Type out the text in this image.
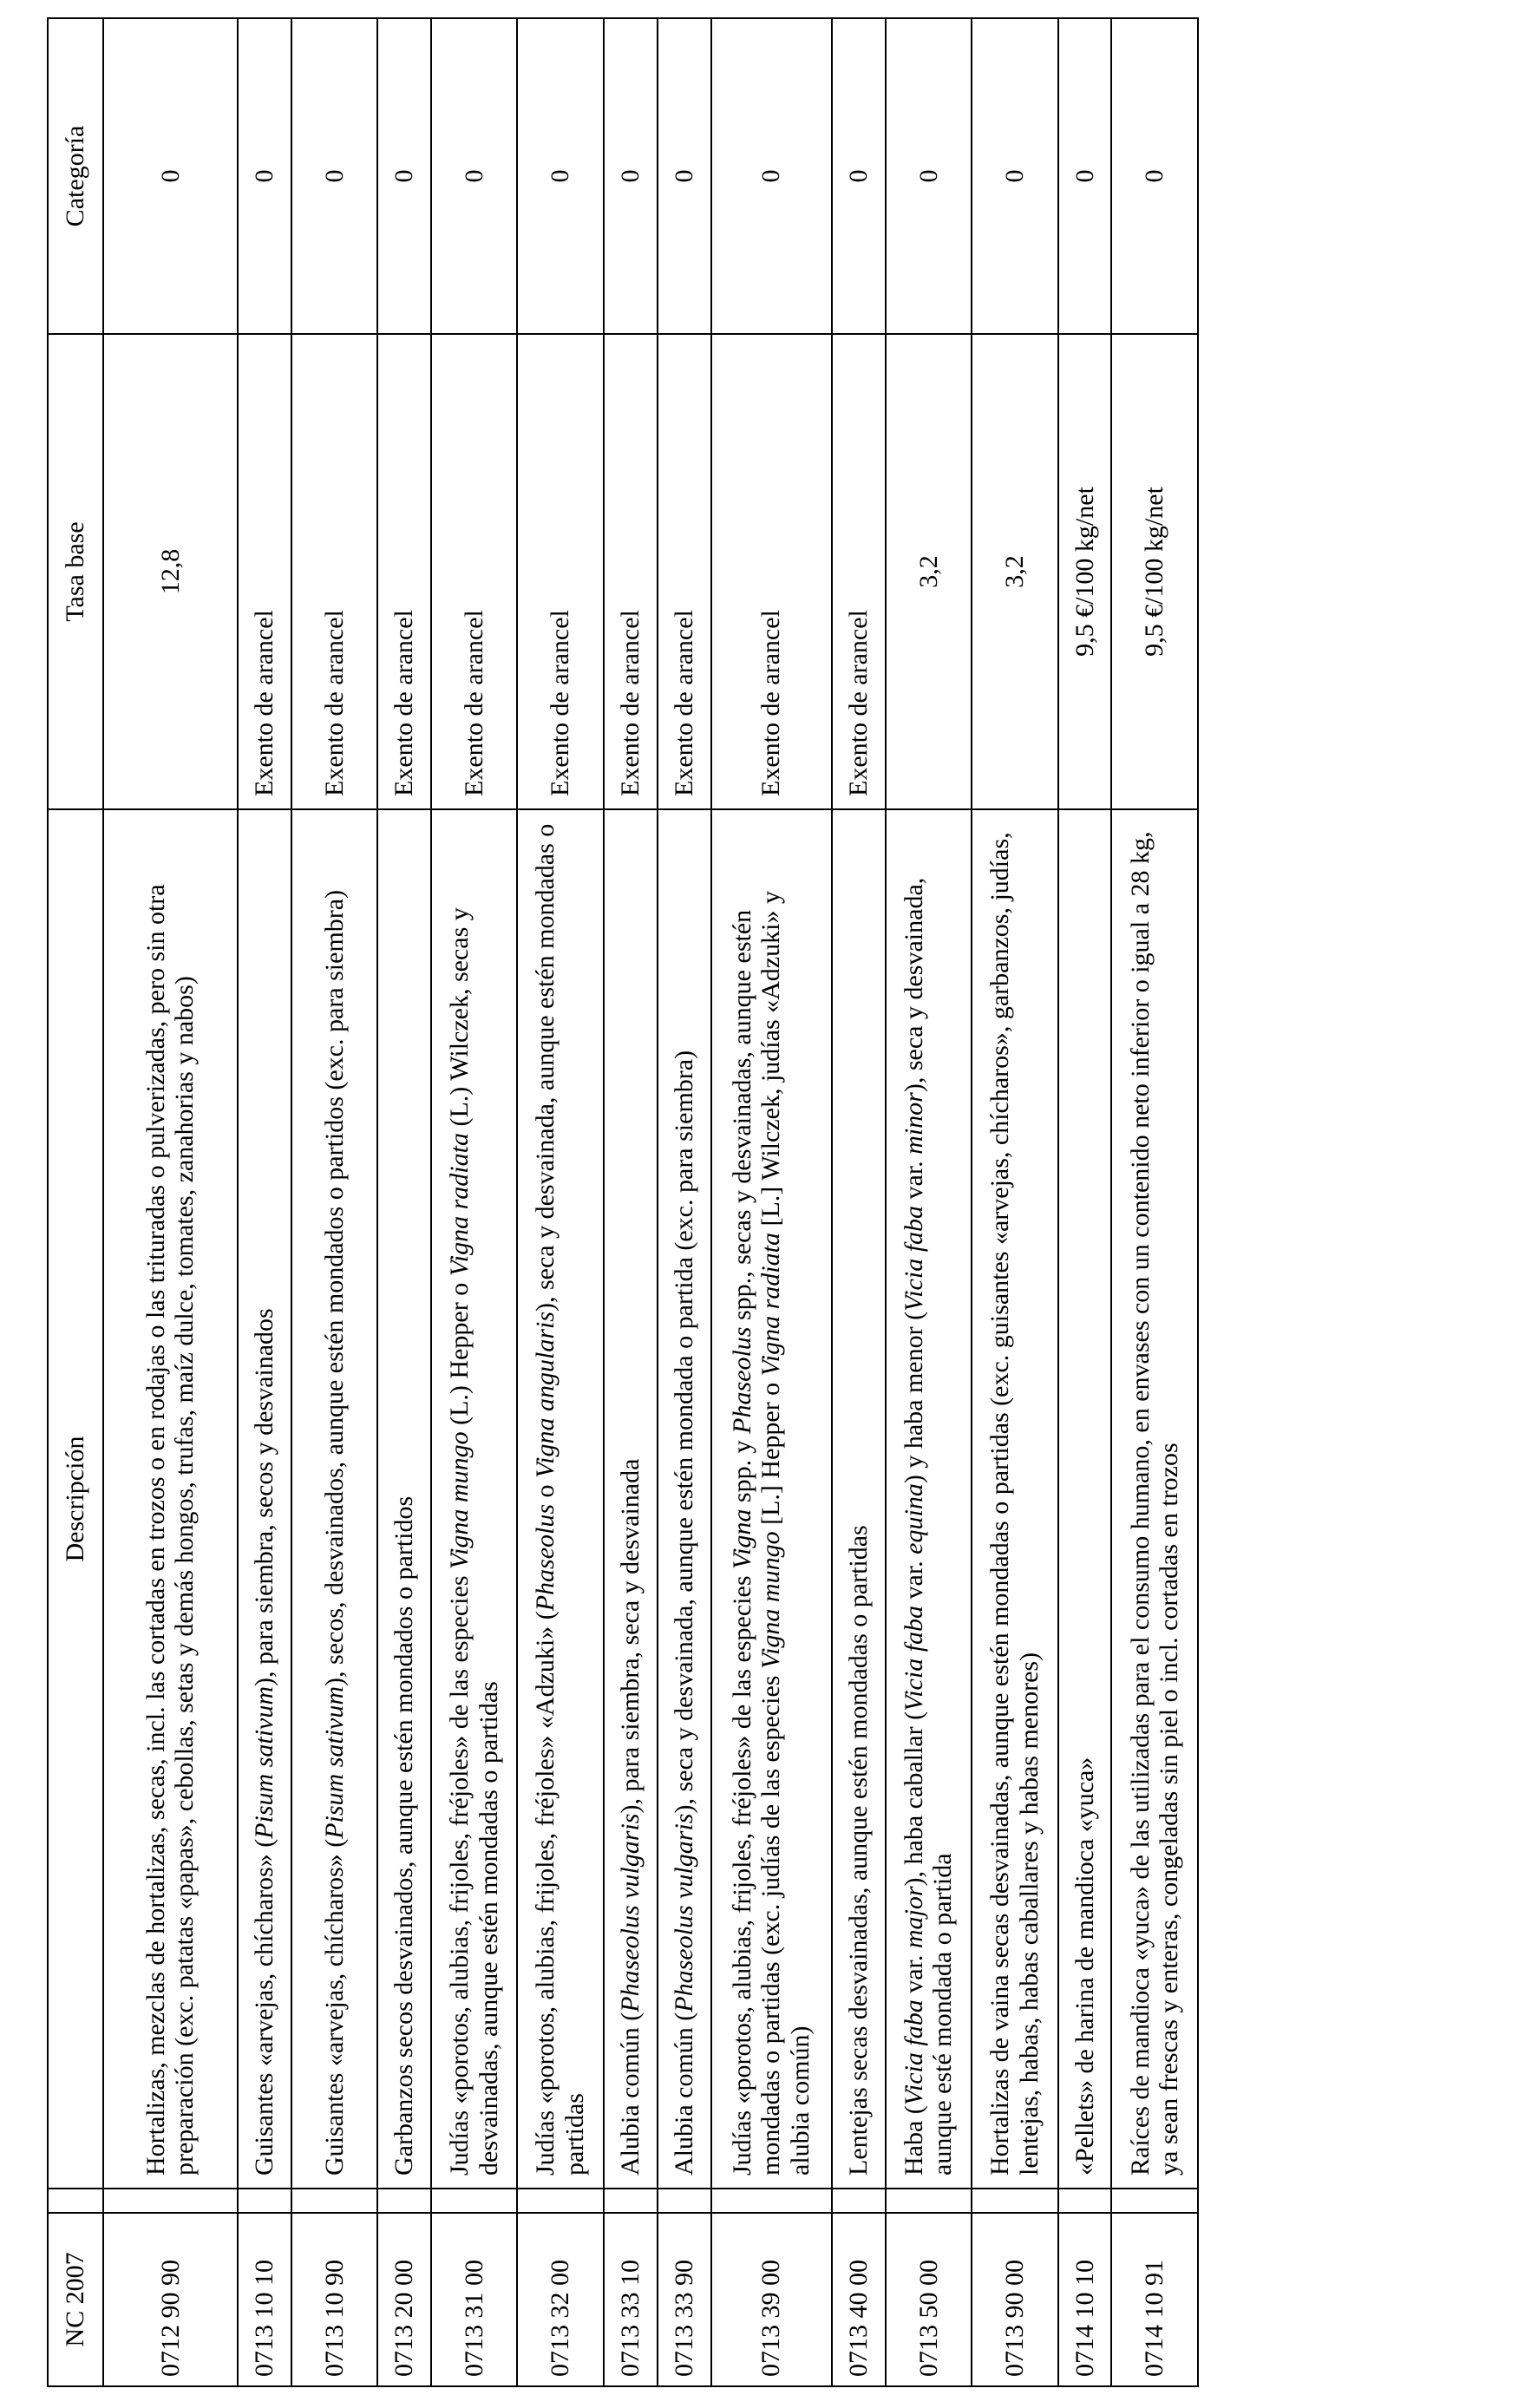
NC 2007		Descripción	Tasa base	Categoría
0712 90 90		Hortalizas, mezclas de hortalizas, secas, incl. las cortadas en trozos o en rodajas o las trituradas o pulverizadas, pero sin otra preparación (exc. patatas «papas», cebollas, setas y demás hongos, trufas, maíz dulce, tomates, zanahorias y nabos)	12,8	0
0713 10 10		Guisantes «arvejas, chícharos» (Pisum sativum), para siembra, secos y desvainados	Exento de arancel	0
0713 10 90		Guisantes «arvejas, chícharos» (Pisum sativum), secos, desvainados, aunque estén mondados o partidos (exc. para siembra)	Exento de arancel	0
0713 20 00		Garbanzos secos desvainados, aunque estén mondados o partidos	Exento de arancel	0
0713 31 00		Judías «porotos, alubias, frijoles, fréjoles» de las especies Vigna mungo (L.) Hepper o Vigna radiata (L.) Wilczek, secas y desvainadas, aunque estén mondadas o partidas	Exento de arancel	0
0713 32 00		Judías «porotos, alubias, frijoles, fréjoles» «Adzuki» (Phaseolus o Vigna angularis), seca y desvainada, aunque estén mondadas o partidas	Exento de arancel	0
0713 33 10		Alubia común (Phaseolus vulgaris), para siembra, seca y desvainada	Exento de arancel	0
0713 33 90		Alubia común (Phaseolus vulgaris), seca y desvainada, aunque estén mondada o partida (exc. para siembra)	Exento de arancel	0
0713 39 00		Judías «porotos, alubias, frijoles, fréjoles» de las especies Vigna spp. y Phaseolus spp., secas y desvainadas, aunque estén mondadas o partidas (exc. judías de las especies Vigna mungo [L.] Hepper o Vigna radiata [L.] Wilczek, judías «Adzuki» y alubia común)	Exento de arancel	0
0713 40 00		Lentejas secas desvainadas, aunque estén mondadas o partidas	Exento de arancel	0
0713 50 00		Haba (Vicia faba var. major), haba caballar (Vicia faba var. equina) y haba menor (Vicia faba var. minor), seca y desvainada, aunque esté mondada o partida	3,2	0
0713 90 00		Hortalizas de vaina secas desvainadas, aunque estén mondadas o partidas (exc. guisantes «arvejas, chícharos», garbanzos, judías, lentejas, habas, habas caballares y habas menores)	3,2	0
0714 10 10		«Pellets» de harina de mandioca «yuca»	9,5 €/100 kg/net	0
0714 10 91		Raíces de mandioca «yuca» de las utilizadas para el consumo humano, en envases con un contenido neto inferior o igual a 28 kg, ya sean frescas y enteras, congeladas sin piel o incl. cortadas en trozos	9,5 €/100 kg/net	0
